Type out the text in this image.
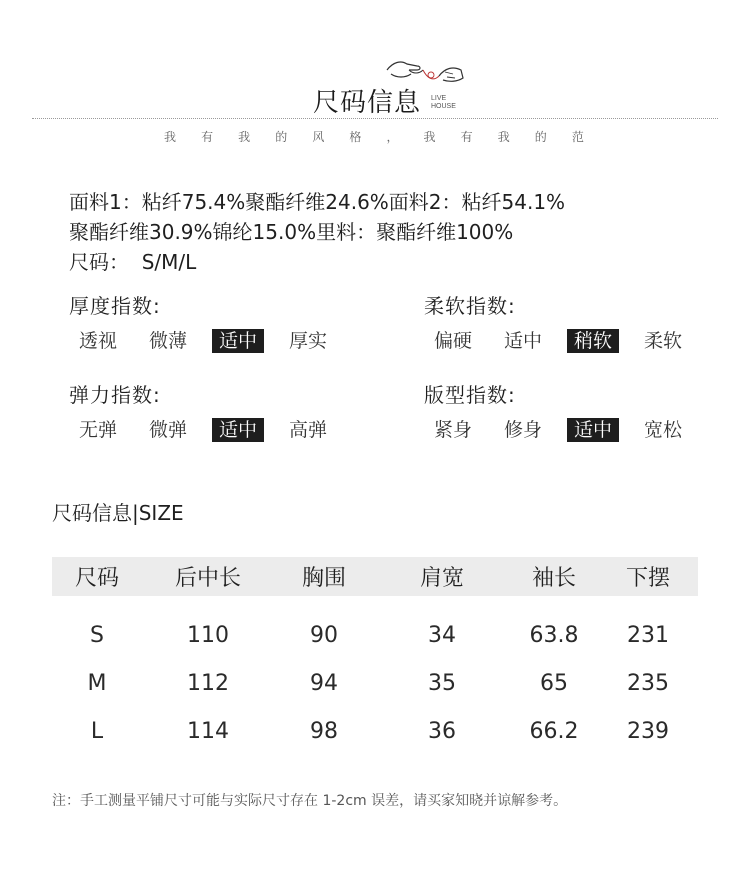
尺码信息 LIVE
HOUSE
我 有 我 的 风 格 ， 我 有 我 的 范
面料1：粘纤75.4%聚酯纤维24.6%面料2：粘纤54.1%
聚酯纤维30.9%锦纶15.0%里料：聚酯纤维100%
尺码：  S/M/L
厚度指数:
透视	微薄	适中	厚实
柔软指数:
偏硬	适中	稍软	柔软
弹力指数:
无弹	微弹	适中	高弹
版型指数:
紧身	修身	适中	宽松
尺码信息|SIZE
尺码	后中长	胸围	肩宽	袖长	下摆
S	110	90	34	63.8	231
M	112	94	35	65	235
L	114	98	36	66.2	239
注：手工测量平铺尺寸可能与实际尺寸存在 1-2cm 误差，请买家知晓并谅解参考。
